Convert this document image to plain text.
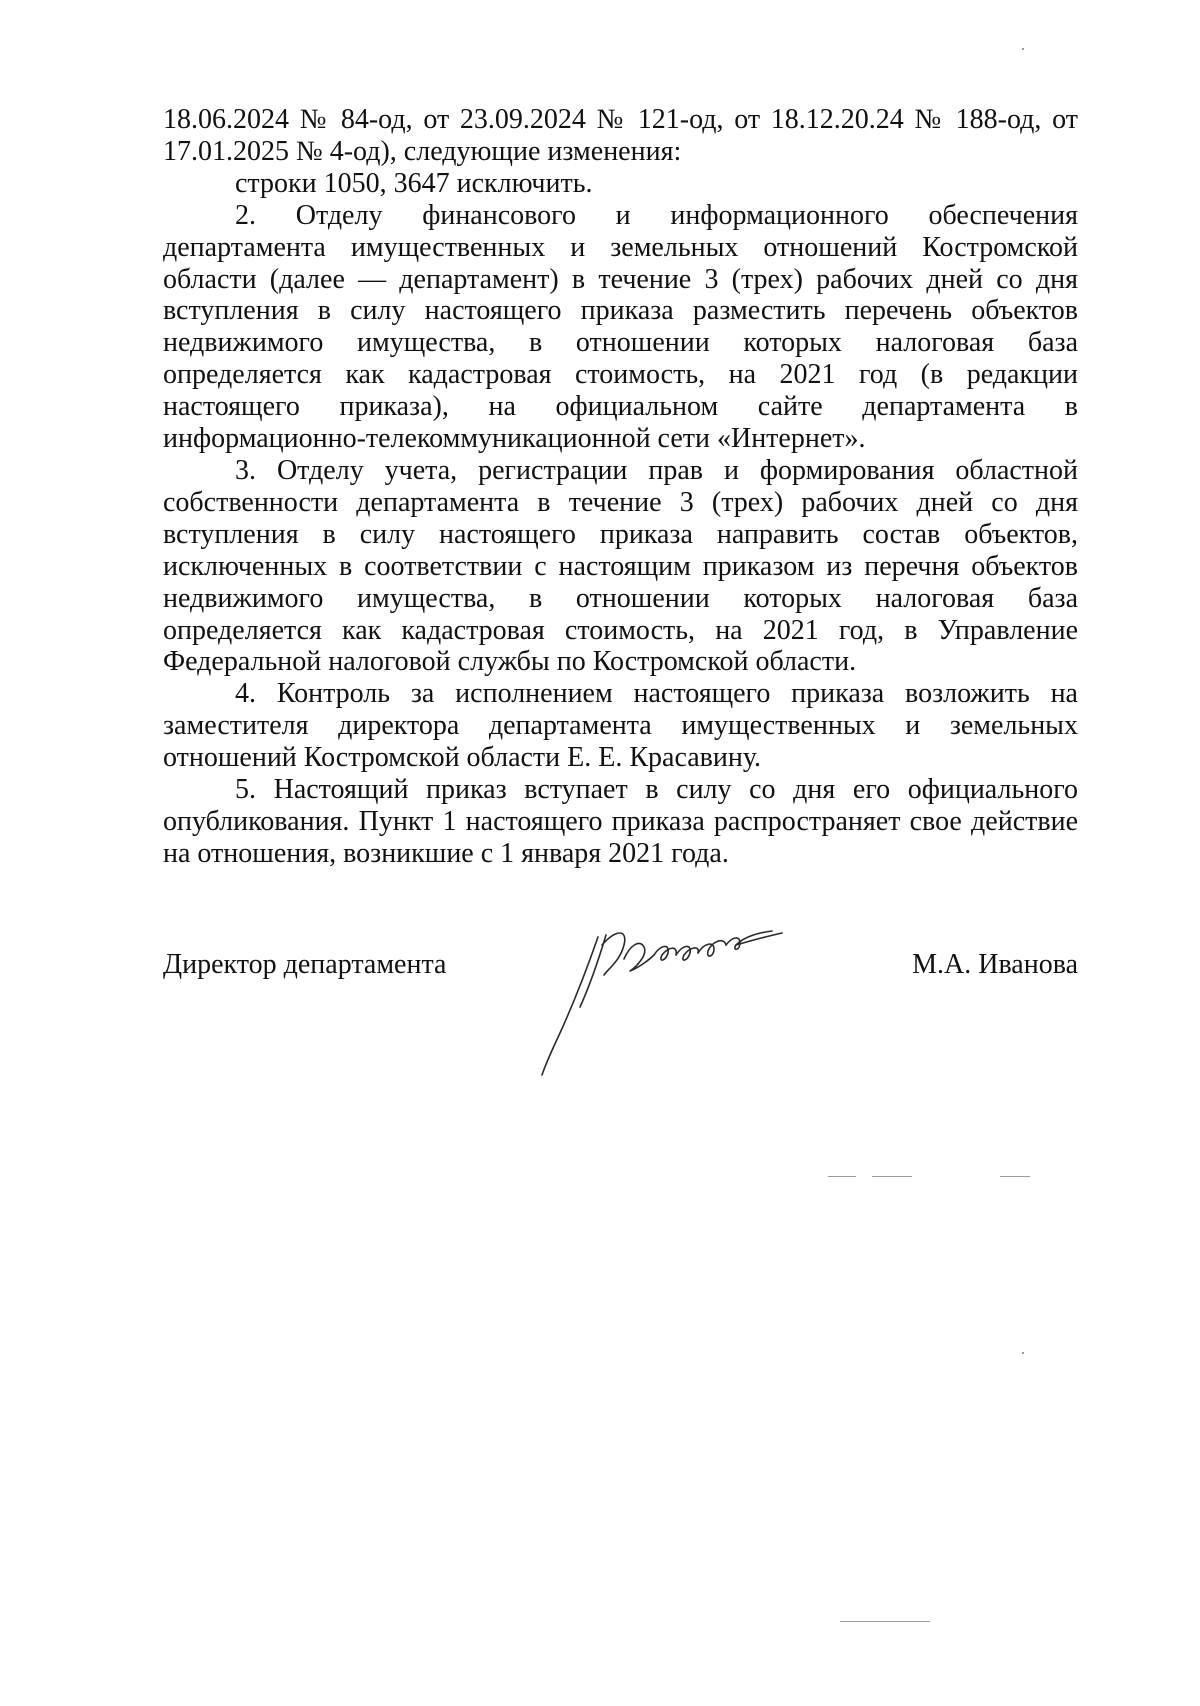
18.06.2024 № 84-од, от 23.09.2024 № 121-од, от 18.12.20.24 № 188-од, от 17.01.2025 № 4-од), следующие изменения:

строки 1050, 3647 исключить.

2. Отделу финансового и информационного обеспечения департамента имущественных и земельных отношений Костромской области (далее — департамент) в течение 3 (трех) рабочих дней со дня вступления в силу настоящего приказа разместить перечень объектов недвижимого имущества, в отношении которых налоговая база определяется как кадастровая стоимость, на 2021 год (в редакции настоящего приказа), на официальном сайте департамента в информационно-телекоммуникационной сети «Интернет».

3. Отделу учета, регистрации прав и формирования областной собственности департамента в течение 3 (трех) рабочих дней со дня вступления в силу настоящего приказа направить состав объектов, исключенных в соответствии с настоящим приказом из перечня объектов недвижимого имущества, в отношении которых налоговая база определяется как кадастровая стоимость, на 2021 год, в Управление Федеральной налоговой службы по Костромской области.

4. Контроль за исполнением настоящего приказа возложить на заместителя директора департамента имущественных и земельных отношений Костромской области Е. Е. Красавину.

5. Настоящий приказ вступает в силу со дня его официального опубликования. Пункт 1 настоящего приказа распространяет свое действие на отношения, возникшие с 1 января 2021 года.

Директор департамента	М.А. Иванова
